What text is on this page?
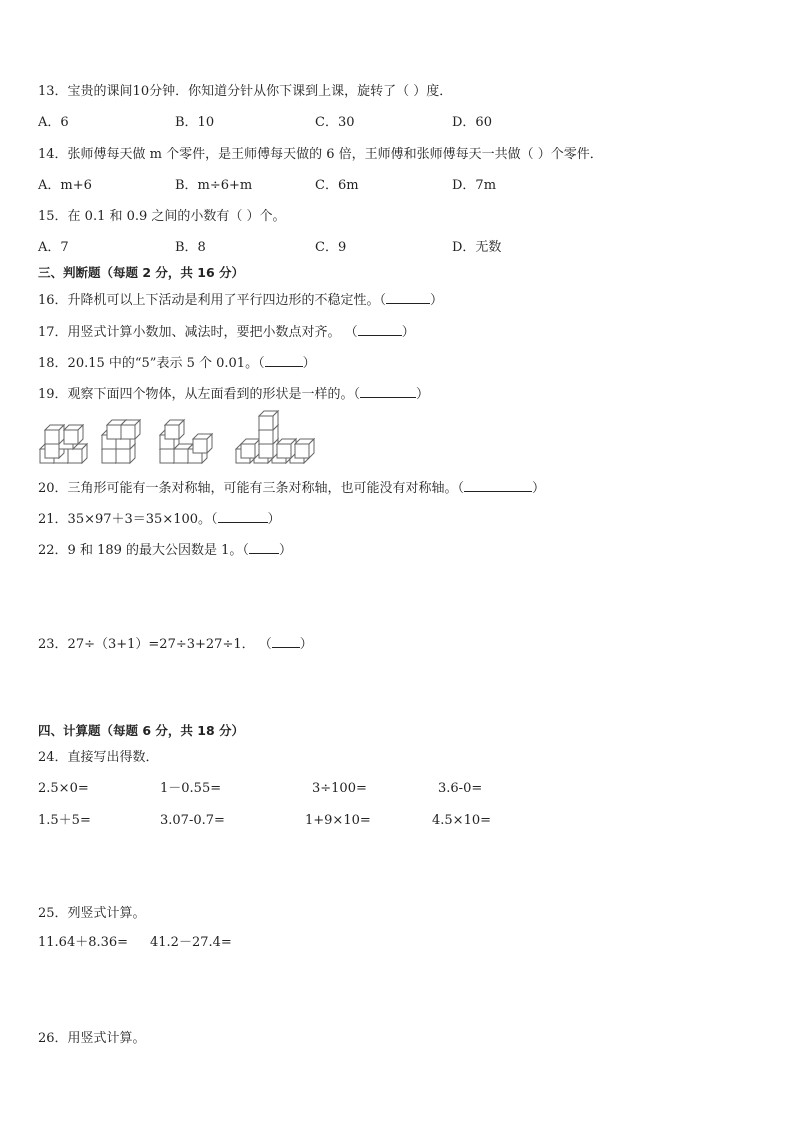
13．宝贵的课间10分钟．你知道分针从你下课到上课，旋转了（ ）度．
A．6	B．10	C．30	D．60
14．张师傅每天做 m 个零件，是王师傅每天做的 6 倍，王师傅和张师傅每天一共做（ ）个零件．
A．m+6	B．m÷6+m	C．6m	D．7m
15．在 0.1 和 0.9 之间的小数有（ ）个。
A．7	B．8	C．9	D．无数
三、判断题（每题 2 分，共 16 分）
16．升降机可以上下活动是利用了平行四边形的不稳定性。（	）
17．用竖式计算小数加、减法时，要把小数点对齐。 （	）
18．20.15 中的“5”表示 5 个 0.01。（	）
19．观察下面四个物体，从左面看到的形状是一样的。（	）
20．三角形可能有一条对称轴，可能有三条对称轴，也可能没有对称轴。（	）
21．35×97＋3＝35×100。（	）
22．9 和 189 的最大公因数是 1。（ ）
23．27÷（3+1）=27÷3+27÷1． （ ）
四、计算题（每题 6 分，共 18 分）
24．直接写出得数．
2.5×0=	1－0.55=	3÷100=	3.6-0=
1.5＋5=	3.07-0.7=	1+9×10=	4.5×10=
25．列竖式计算。
11.64＋8.36= 41.2－27.4=
26．用竖式计算。
